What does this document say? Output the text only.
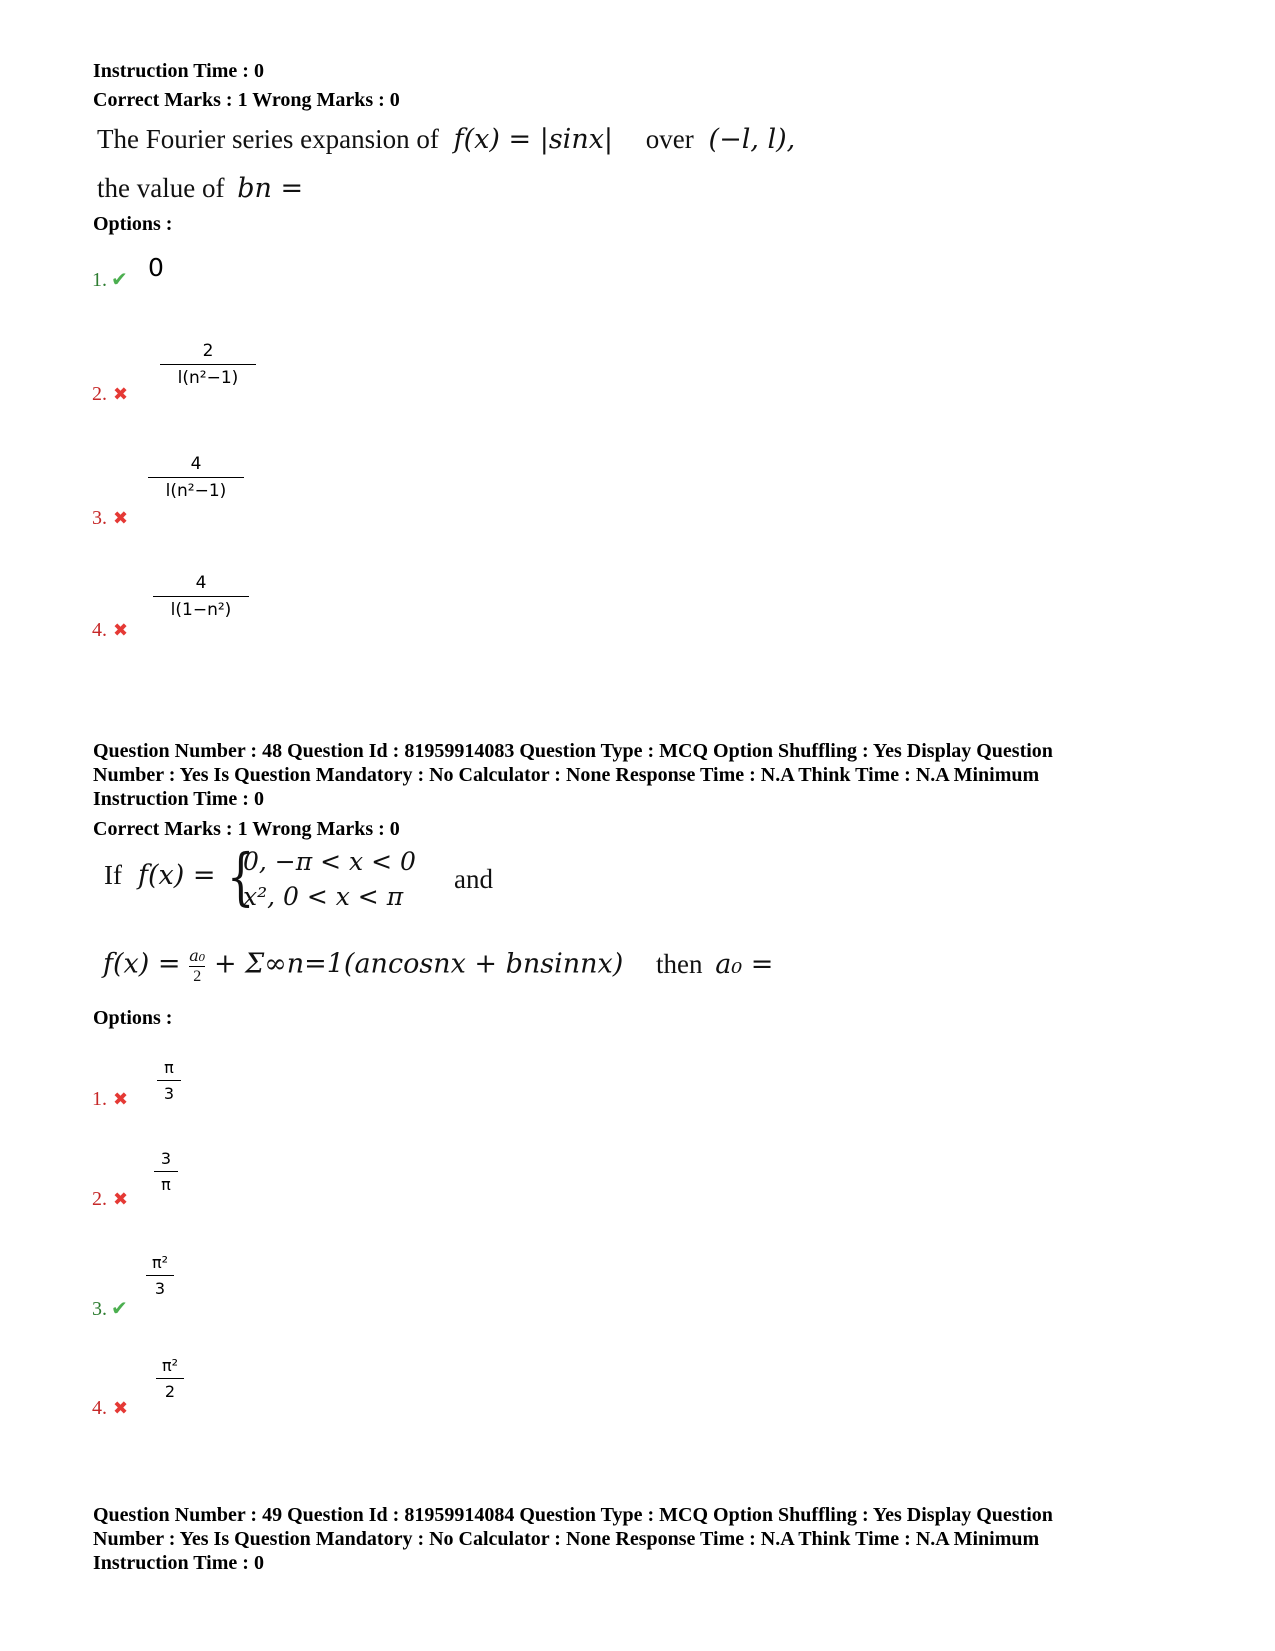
Instruction Time : 0
Correct Marks : 1 Wrong Marks : 0
The Fourier series expansion of f(x) = |sinx| over (−l, l),
the value of bn =
Options :
1. ✔ 0
2. ✖
2
l(n²−1)
3. ✖
4
l(n²−1)
4. ✖
4
l(1−n²)
Question Number : 48 Question Id : 81959914083 Question Type : MCQ Option Shuffling : Yes Display Question
Number : Yes Is Question Mandatory : No Calculator : None Response Time : N.A Think Time : N.A Minimum
Instruction Time : 0
Correct Marks : 1 Wrong Marks : 0
If f(x) = {
0, −π < x < 0
x², 0 < x < π
and
$f(x) = \frac{\text{a₀}}{2}$ + Σ∞n=1(ancosnx + bnsinnx) then a₀ =
Options :
1. ✖
π
3
2. ✖
3
π
3. ✔
π²
3
4. ✖
π²
2
Question Number : 49 Question Id : 81959914084 Question Type : MCQ Option Shuffling : Yes Display Question
Number : Yes Is Question Mandatory : No Calculator : None Response Time : N.A Think Time : N.A Minimum
Instruction Time : 0
